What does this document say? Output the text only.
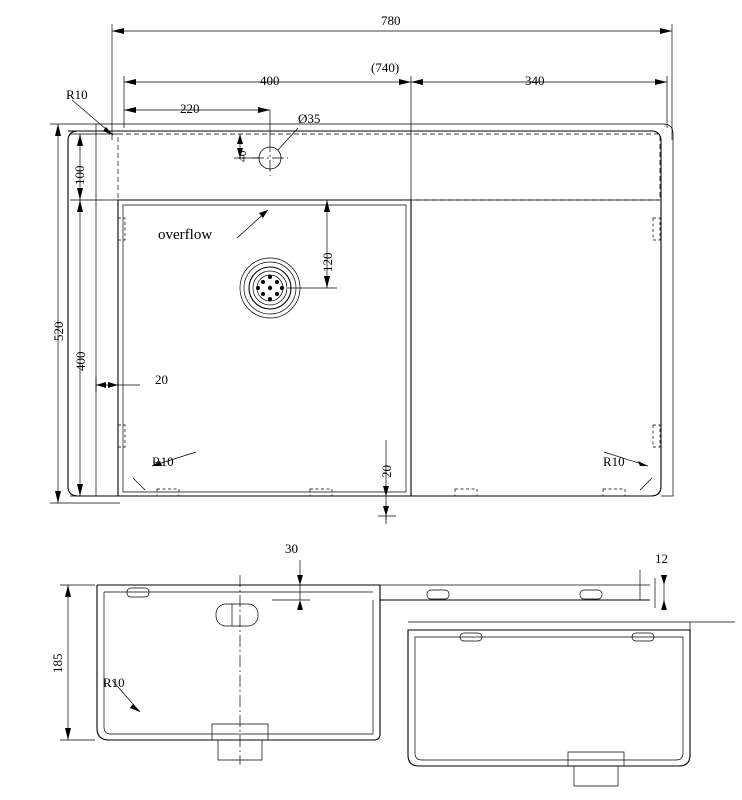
780
(740)
400	340
220
Ø35
40
100
520
400
120
20
20
R10
R10	R10
overflow
30
185
12
R10
